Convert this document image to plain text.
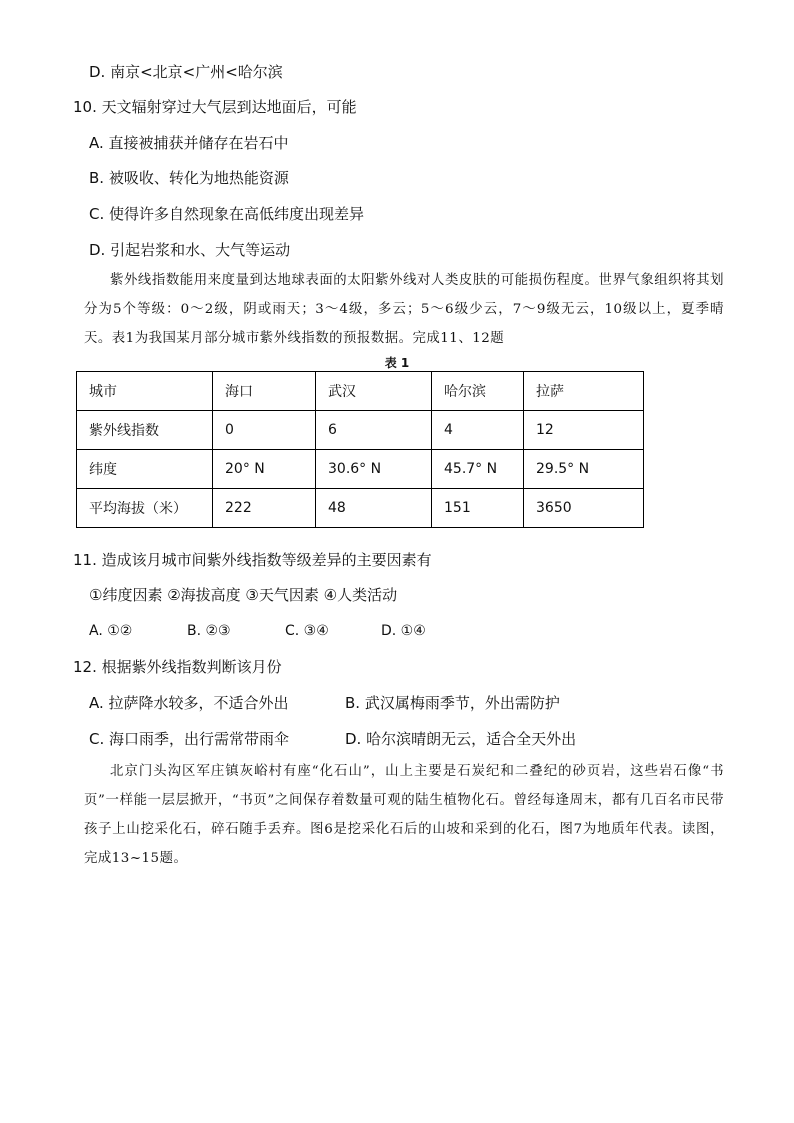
D. 南京<北京<广州<哈尔滨
10. 天文辐射穿过大气层到达地面后，可能
A. 直接被捕获并储存在岩石中
B. 被吸收、转化为地热能资源
C. 使得许多自然现象在高低纬度出现差异
D. 引起岩浆和水、大气等运动
紫外线指数能用来度量到达地球表面的太阳紫外线对人类皮肤的可能损伤程度。世界气象组织将其划分为5个等级：0～2级，阴或雨天；3～4级，多云；5～6级少云，7～9级无云，10级以上，夏季晴天。表1为我国某月部分城市紫外线指数的预报数据。完成11、12题
表 1
城市	海口	武汉	哈尔滨	拉萨
紫外线指数	0	6	4	12
纬度	20° N	30.6° N	45.7° N	29.5° N
平均海拔（米）	222	48	151	3650
11. 造成该月城市间紫外线指数等级差异的主要因素有
①纬度因素 ②海拔高度 ③天气因素 ④人类活动
A. ①②	B. ②③	C. ③④	D. ①④
12. 根据紫外线指数判断该月份
A. 拉萨降水较多，不适合外出	B. 武汉属梅雨季节，外出需防护
C. 海口雨季，出行需常带雨伞	D. 哈尔滨晴朗无云，适合全天外出
北京门头沟区军庄镇灰峪村有座“化石山”，山上主要是石炭纪和二叠纪的砂页岩，这些岩石像“书页”一样能一层层掀开，“书页”之间保存着数量可观的陆生植物化石。曾经每逢周末，都有几百名市民带孩子上山挖采化石，碎石随手丢弃。图6是挖采化石后的山坡和采到的化石，图7为地质年代表。读图，完成13~15题。
